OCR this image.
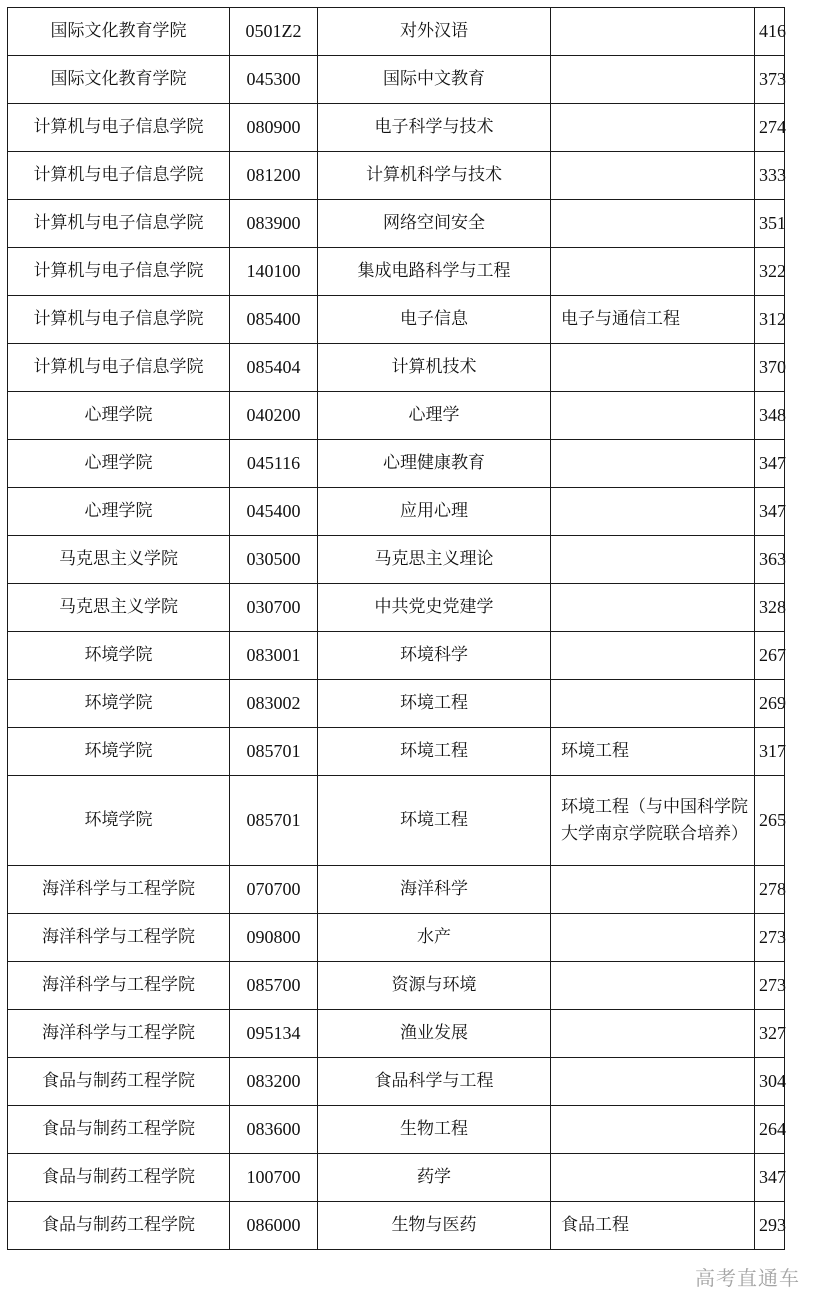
国际文化教育学院	0501Z2	对外汉语		416
国际文化教育学院	045300	国际中文教育		373
计算机与电子信息学院	080900	电子科学与技术		274
计算机与电子信息学院	081200	计算机科学与技术		333
计算机与电子信息学院	083900	网络空间安全		351
计算机与电子信息学院	140100	集成电路科学与工程		322
计算机与电子信息学院	085400	电子信息	电子与通信工程	312
计算机与电子信息学院	085404	计算机技术		370
心理学院	040200	心理学		348
心理学院	045116	心理健康教育		347
心理学院	045400	应用心理		347
马克思主义学院	030500	马克思主义理论		363
马克思主义学院	030700	中共党史党建学		328
环境学院	083001	环境科学		267
环境学院	083002	环境工程		269
环境学院	085701	环境工程	环境工程	317
环境学院	085701	环境工程	环境工程（与中国科学院大学南京学院联合培养）	265
海洋科学与工程学院	070700	海洋科学		278
海洋科学与工程学院	090800	水产		273
海洋科学与工程学院	085700	资源与环境		273
海洋科学与工程学院	095134	渔业发展		327
食品与制药工程学院	083200	食品科学与工程		304
食品与制药工程学院	083600	生物工程		264
食品与制药工程学院	100700	药学		347
食品与制药工程学院	086000	生物与医药	食品工程	293
高考直通车
